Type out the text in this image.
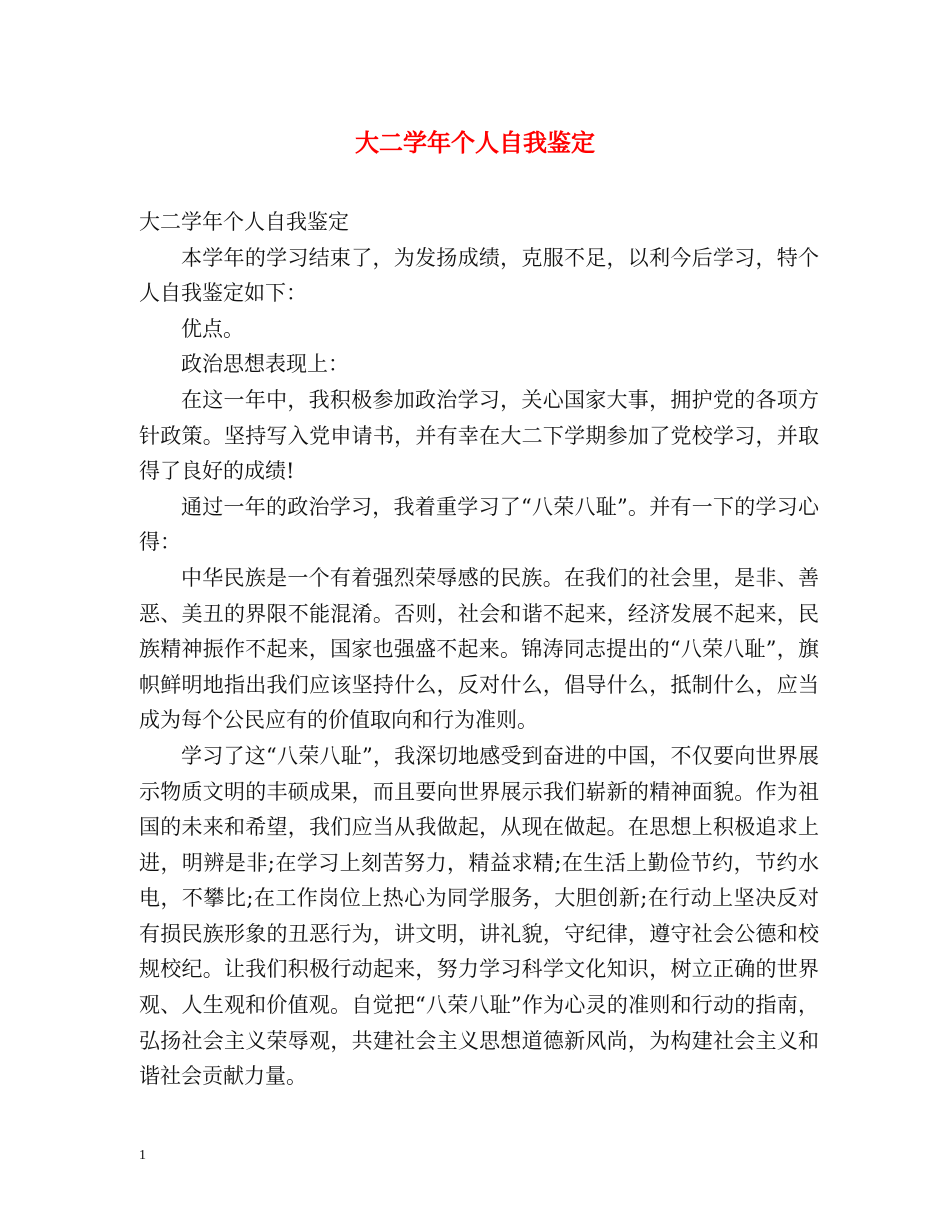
大二学年个人自我鉴定

大二学年个人自我鉴定

本学年的学习结束了，为发扬成绩，克服不足，以利今后学习，特个人自我鉴定如下：

优点。

政治思想表现上：

在这一年中，我积极参加政治学习，关心国家大事，拥护党的各项方针政策。坚持写入党申请书，并有幸在大二下学期参加了党校学习，并取得了良好的成绩!

通过一年的政治学习，我着重学习了“八荣八耻”。并有一下的学习心得：

中华民族是一个有着强烈荣辱感的民族。在我们的社会里，是非、善恶、美丑的界限不能混淆。否则，社会和谐不起来，经济发展不起来，民族精神振作不起来，国家也强盛不起来。锦涛同志提出的“八荣八耻”，旗帜鲜明地指出我们应该坚持什么，反对什么，倡导什么，抵制什么，应当成为每个公民应有的价值取向和行为准则。

学习了这“八荣八耻”，我深切地感受到奋进的中国，不仅要向世界展示物质文明的丰硕成果，而且要向世界展示我们崭新的精神面貌。作为祖国的未来和希望，我们应当从我做起，从现在做起。在思想上积极追求上进，明辨是非;在学习上刻苦努力，精益求精;在生活上勤俭节约，节约水电，不攀比;在工作岗位上热心为同学服务，大胆创新;在行动上坚决反对有损民族形象的丑恶行为，讲文明，讲礼貌，守纪律，遵守社会公德和校规校纪。让我们积极行动起来，努力学习科学文化知识，树立正确的世界观、人生观和价值观。自觉把“八荣八耻”作为心灵的准则和行动的指南，弘扬社会主义荣辱观，共建社会主义思想道德新风尚，为构建社会主义和谐社会贡献力量。

1
